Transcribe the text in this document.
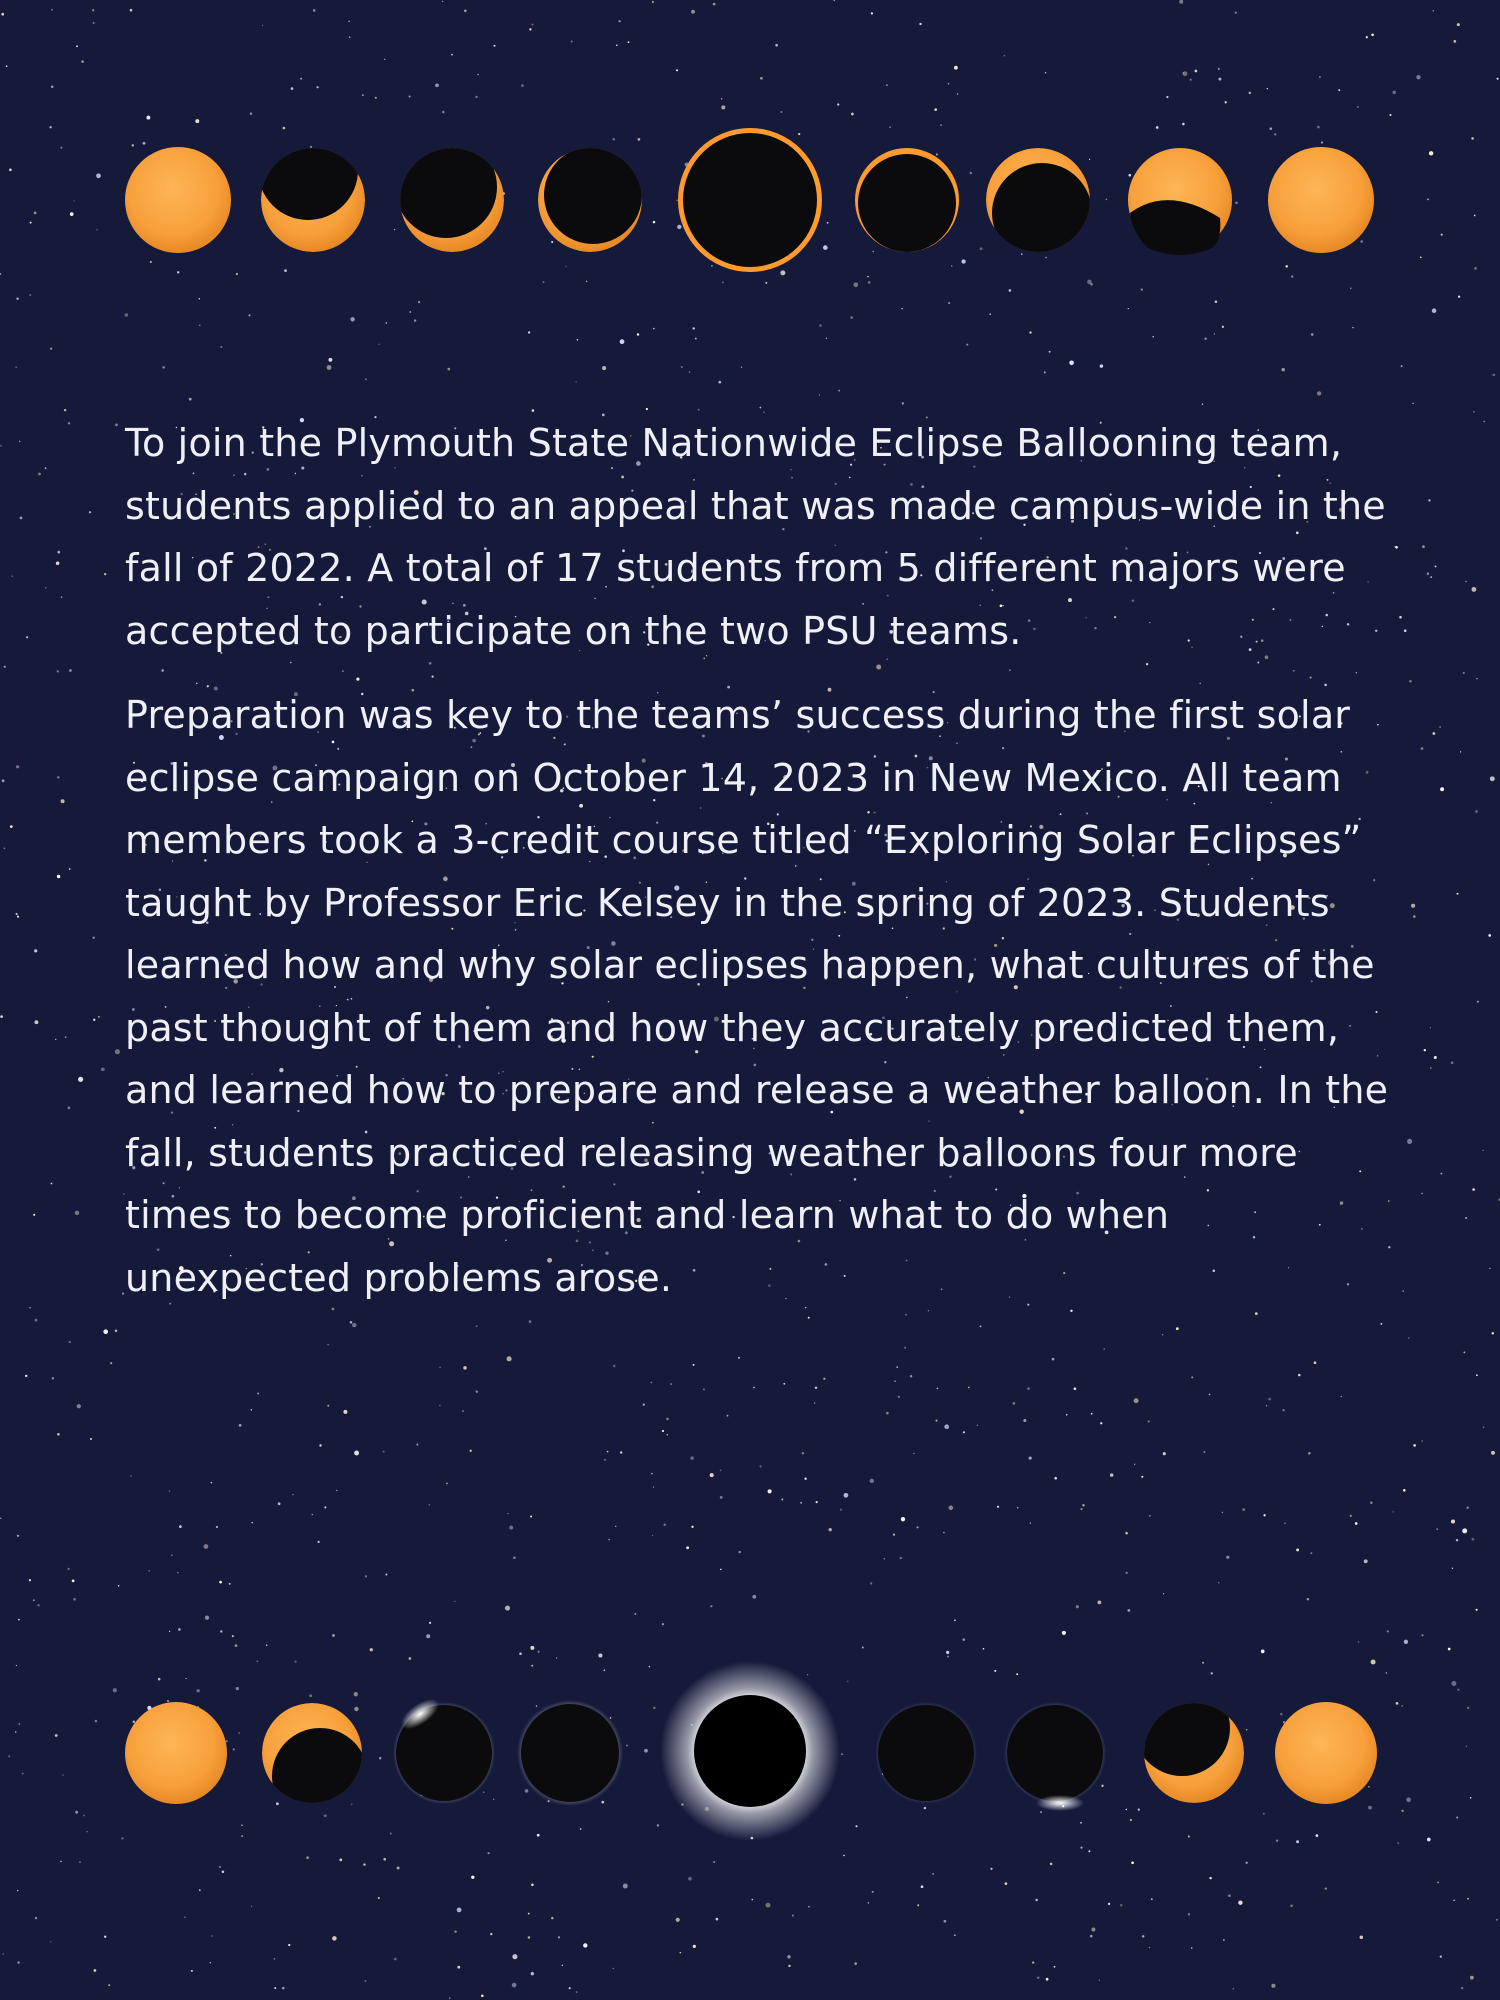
To join the Plymouth State Nationwide Eclipse Ballooning team, students applied to an appeal that was made campus-wide in the fall of 2022. A total of 17 students from 5 different majors were accepted to participate on the two PSU teams.

Preparation was key to the teams’ success during the first solar eclipse campaign on October 14, 2023 in New Mexico. All team members took a 3-credit course titled “Exploring Solar Eclipses” taught by Professor Eric Kelsey in the spring of 2023. Students learned how and why solar eclipses happen, what cultures of the past thought of them and how they accurately predicted them, and learned how to prepare and release a weather balloon. In the fall, students practiced releasing weather balloons four more times to become proficient and learn what to do when unexpected problems arose.
